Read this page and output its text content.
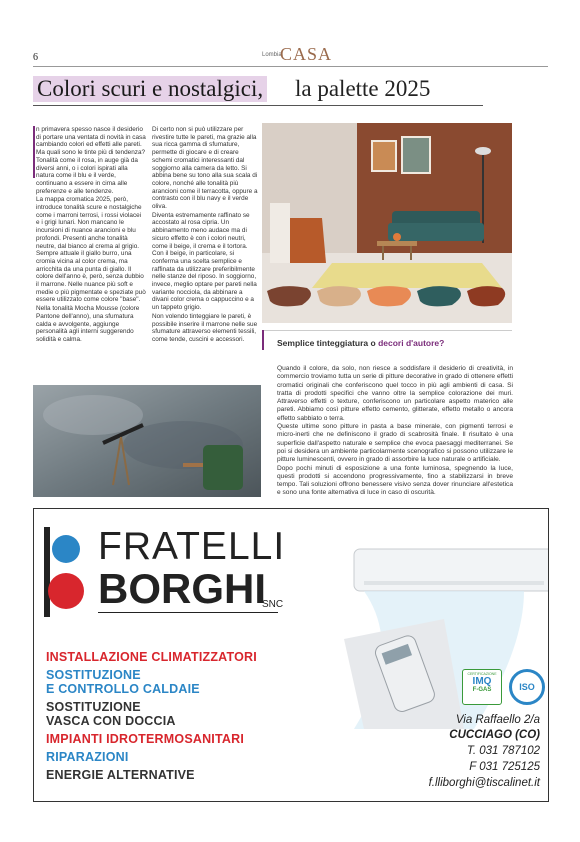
6	Lombia
CASA
Colori scuri e nostalgici, la palette 2025

n primavera spesso nasce il desiderio di portare una ventata di novità in casa cambiando colori ed effetti alle pareti. Ma quali sono le tinte più di tendenza? Tonalità come il rosa, in auge già da diversi anni, o i colori ispirati alla natura come il blu e il verde, continuano a essere in cima alle preferenze e alle tendenze.

La mappa cromatica 2025, però, introduce tonalità scure e nostalgiche come i marroni terrosi, i rossi violacei e i grigi lunari. Non mancano le incursioni di nuance arancioni e blu profondi. Presenti anche tonalità neutre, dal bianco al crema al grigio. Sempre attuale il giallo burro, una cromia vicina al color crema, ma arricchita da una punta di giallo. Il colore dell'anno è, però, senza dubbio il marrone. Nelle nuance più soft e medie o più pigmentate e speziate può essere utilizzato come colore "base".

Nella tonalità Mocha Mousse (colore Pantone dell'anno), una sfumatura calda e avvolgente, aggiunge personalità agli interni suggerendo solidità e calma.

Di certo non si può utilizzare per rivestire tutte le pareti, ma grazie alla sua ricca gamma di sfumature, permette di giocare e di creare schemi cromatici interessanti dal soggiorno alla camera da letto. Si abbina bene su tono alla sua scala di colore, nonché alle tonalità più arancioni come il terracotta, oppure a contrasto con il blu navy e il verde oliva.

Diventa estremamente raffinato se accostato al rosa cipria. Un abbinamento meno audace ma di sicuro effetto è con i colori neutri, come il beige, il crema e il tortora. Con il beige, in particolare, si conferma una scelta semplice e raffinata da utilizzare preferibilmente nelle stanze del riposo. In soggiorno, invece, meglio optare per pareti nella variante nocciola, da abbinare a divani color crema o cappuccino e a un tappeto grigio.

Non volendo tinteggiare le pareti, è possibile inserire il marrone nelle sue sfumature attraverso elementi tessili, come tende, cuscini e accessori.	Semplice tinteggiatura o decori d'autore?
Quando il colore, da solo, non riesce a soddisfare il desiderio di creatività, in commercio troviamo tutta un serie di pitture decorative in grado di ottenere effetti cromatici originali che conferiscono quel tocco in più agli ambienti di casa. Si tratta di prodotti specifici che vanno oltre la semplice colorazione dei muri. Attraverso effetti o texture, conferiscono un particolare aspetto materico alle pareti. Abbiamo così pitture effetto cemento, glitterate, effetto metallo o ancora effetto sabbiato o terra.
Queste ultime sono pitture in pasta a base minerale, con pigmenti terrosi e micro-inerti che ne definiscono il grado di scabrosità finale. Il risultato è una superficie dall'aspetto naturale e semplice che evoca paesaggi mediterranei. Se poi si desidera un ambiente particolarmente scenografico si possono utilizzare le pitture luminescenti, ovvero in grado di assorbire la luce naturale o artificiale.
Dopo pochi minuti di esposizione a una fonte luminosa, spegnendo la luce, questi prodotti si accendono progressivamente, fino a stabilizzarsi in breve tempo. Tali soluzioni offrono benessere visivo senza dover rinunciare all'estetica e sono una fonte alternativa di luce in caso di oscurità.
FRATELLI
BORGHI
SNC
INSTALLAZIONE CLIMATIZZATORI
SOSTITUZIONE
E CONTROLLO CALDAIE
SOSTITUZIONE
VASCA CON DOCCIA
IMPIANTI IDROTERMOSANITARI
RIPARAZIONI
ENERGIE ALTERNATIVE
CERTIFICAZIONE
IMQ
F-GAS	ISO
Via Raffaello 2/a
CUCCIAGO (CO)
T. 031 787102
F 031 725125
f.lliborghi@tiscalinet.it
